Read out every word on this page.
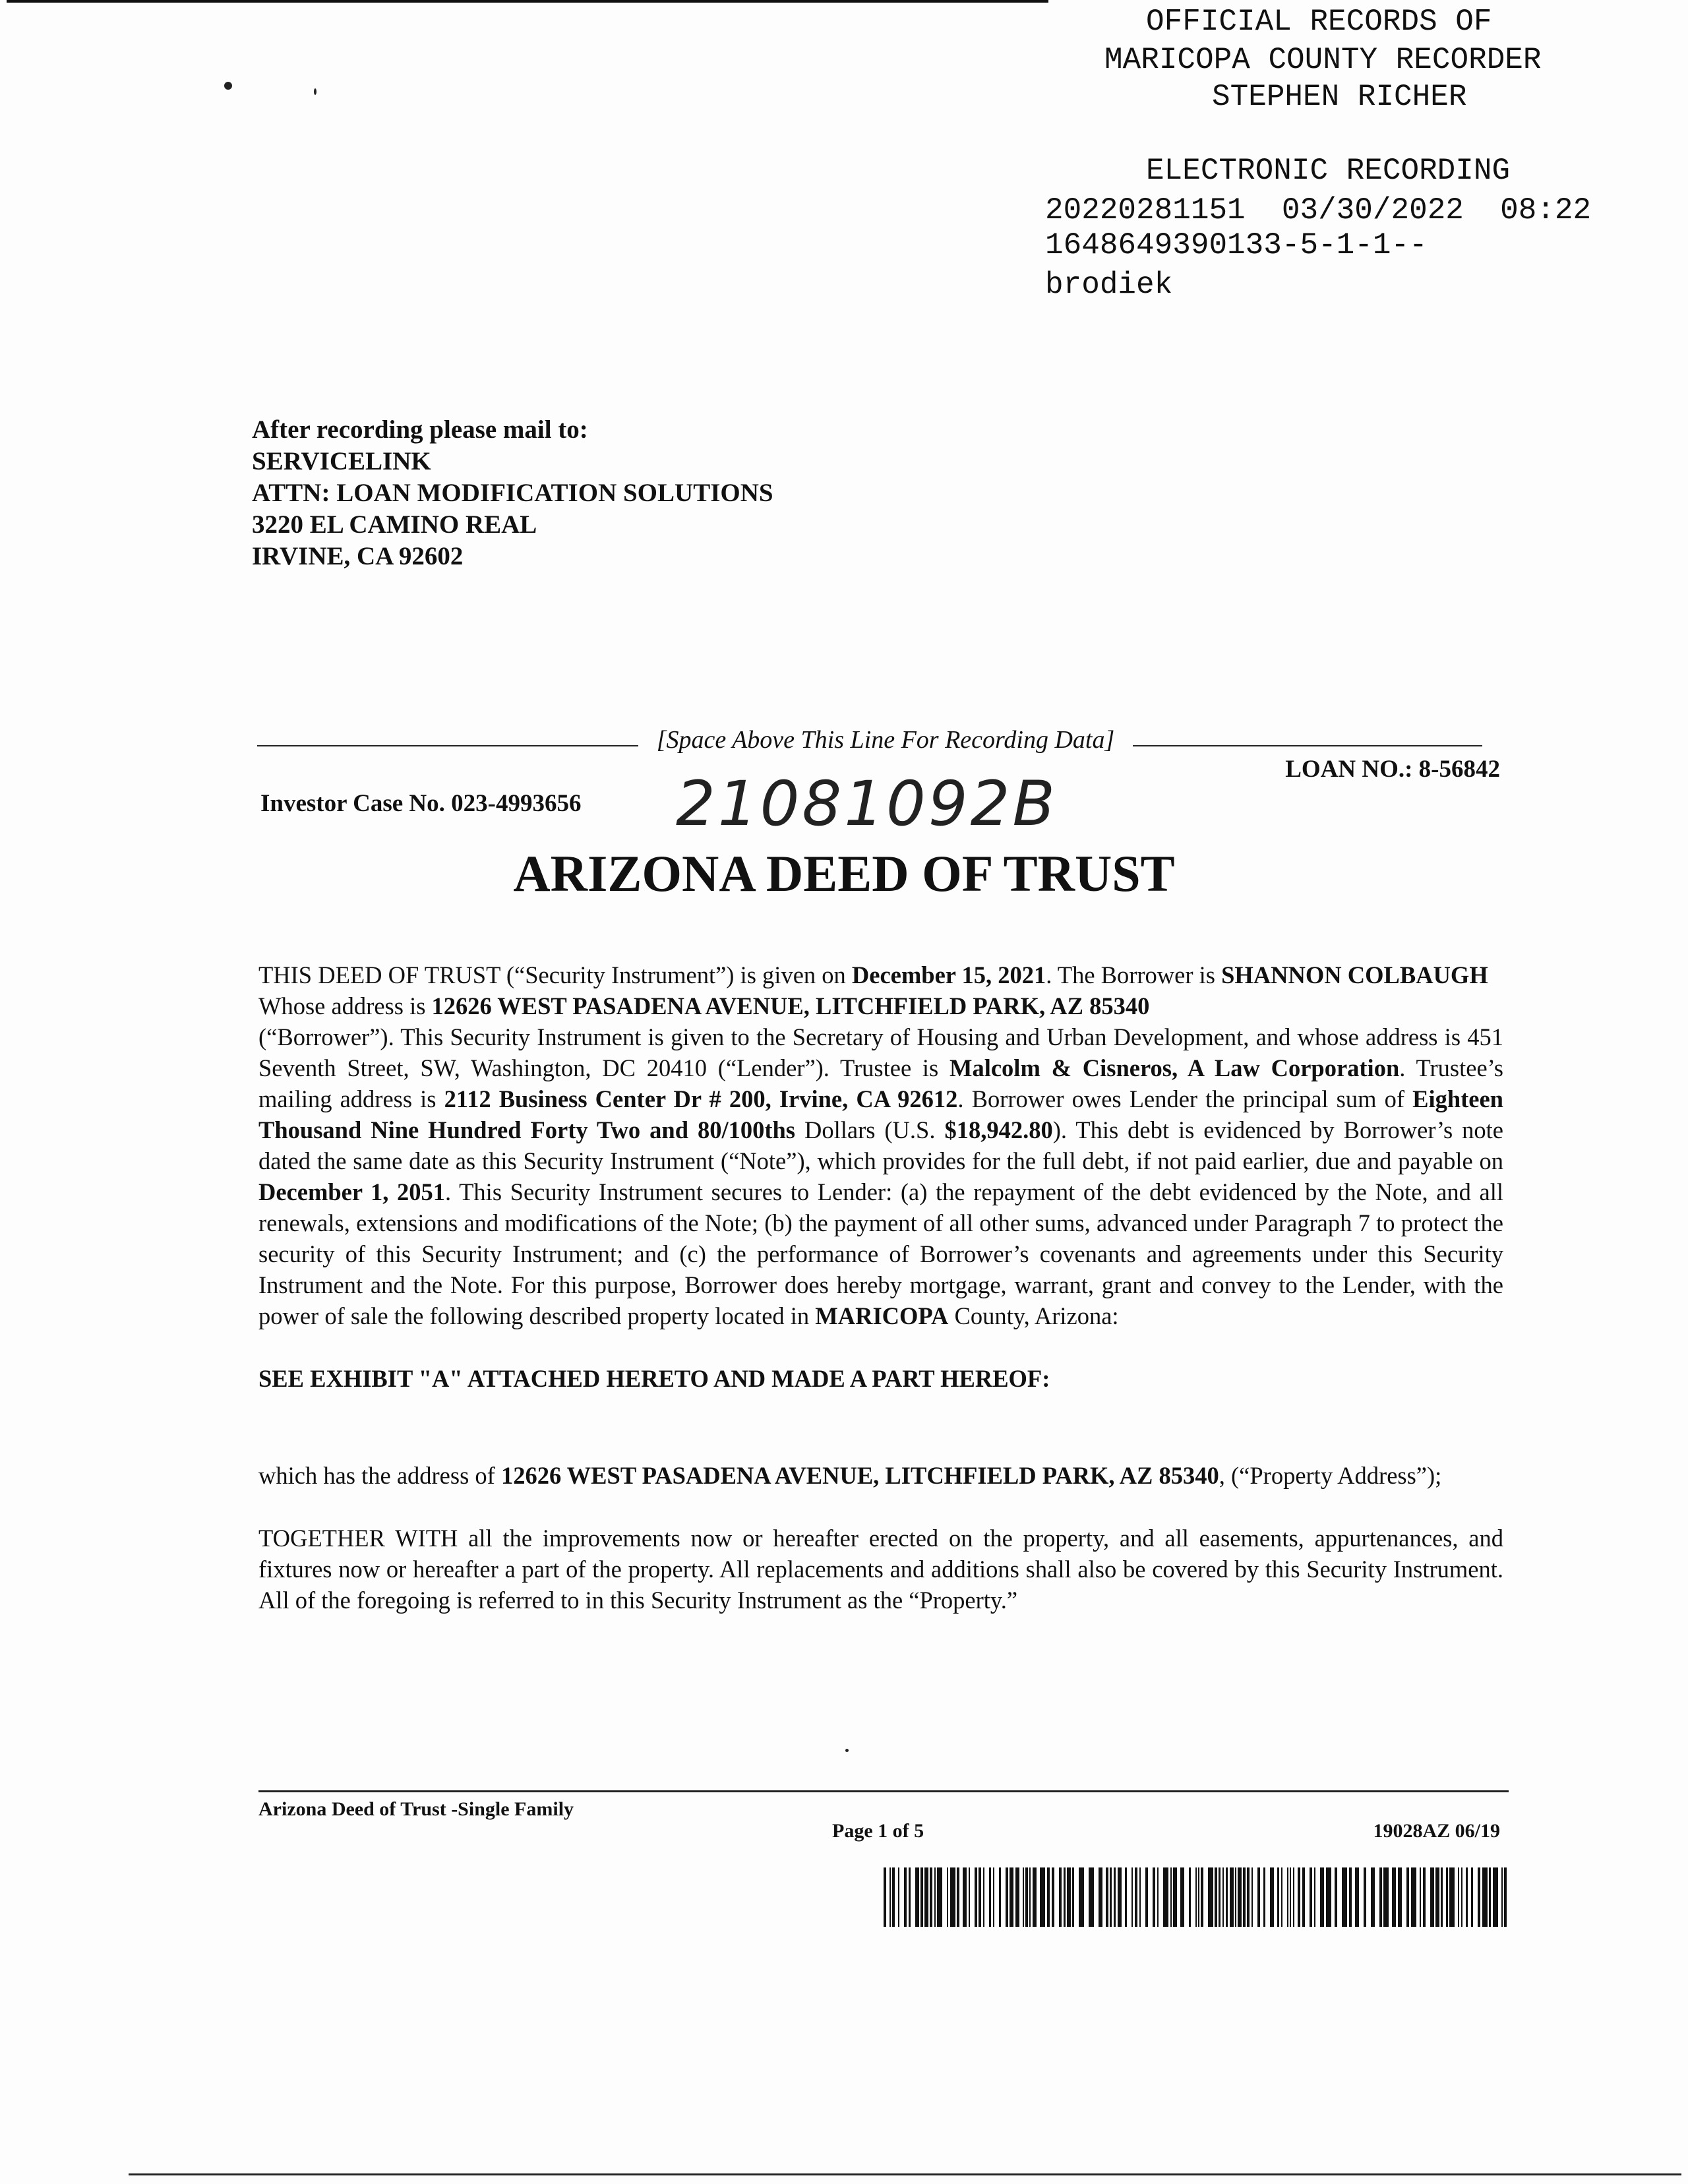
OFFICIAL RECORDS OF
MARICOPA COUNTY RECORDER
STEPHEN RICHER

20220281151  03/30/2022  08:22

ELECTRONIC RECORDING
1648649390133-5-1-1--
brodiek
After recording please mail to:
SERVICELINK
ATTN: LOAN MODIFICATION SOLUTIONS
3220 EL CAMINO REAL
IRVINE, CA 92602
[Space Above This Line For Recording Data]
LOAN NO.: 8-56842
Investor Case No. 023-4993656 21081092B
ARIZONA DEED OF TRUST

THIS DEED OF TRUST (“Security Instrument”) is given on December 15, 2021. The Borrower is SHANNON COLBAUGH
Whose address is 12626 WEST PASADENA AVENUE, LITCHFIELD PARK, AZ 85340
(“Borrower”). This Security Instrument is given to the Secretary of Housing and Urban Development, and whose address is 451 Seventh Street, SW, Washington, DC 20410 (“Lender”). Trustee is Malcolm & Cisneros, A Law Corporation. Trustee’s mailing address is 2112 Business Center Dr # 200, Irvine, CA 92612. Borrower owes Lender the principal sum of Eighteen Thousand Nine Hundred Forty Two and 80/100ths Dollars (U.S. $18,942.80). This debt is evidenced by Borrower’s note dated the same date as this Security Instrument (“Note”), which provides for the full debt, if not paid earlier, due and payable on December 1, 2051. This Security Instrument secures to Lender: (a) the repayment of the debt evidenced by the Note, and all renewals, extensions and modifications of the Note; (b) the payment of all other sums, advanced under Paragraph 7 to protect the security of this Security Instrument; and (c) the performance of Borrower’s covenants and agreements under this Security Instrument and the Note. For this purpose, Borrower does hereby mortgage, warrant, grant and convey to the Lender, with the power of sale the following described property located in MARICOPA County, Arizona:

SEE EXHIBIT "A" ATTACHED HERETO AND MADE A PART HEREOF:

which has the address of 12626 WEST PASADENA AVENUE, LITCHFIELD PARK, AZ 85340, (“Property Address”);

TOGETHER WITH all the improvements now or hereafter erected on the property, and all easements, appurtenances, and fixtures now or hereafter a part of the property. All replacements and additions shall also be covered by this Security Instrument. All of the foregoing is referred to in this Security Instrument as the “Property.”

Arizona Deed of Trust -Single Family
Page 1 of 5	19028AZ 06/19
